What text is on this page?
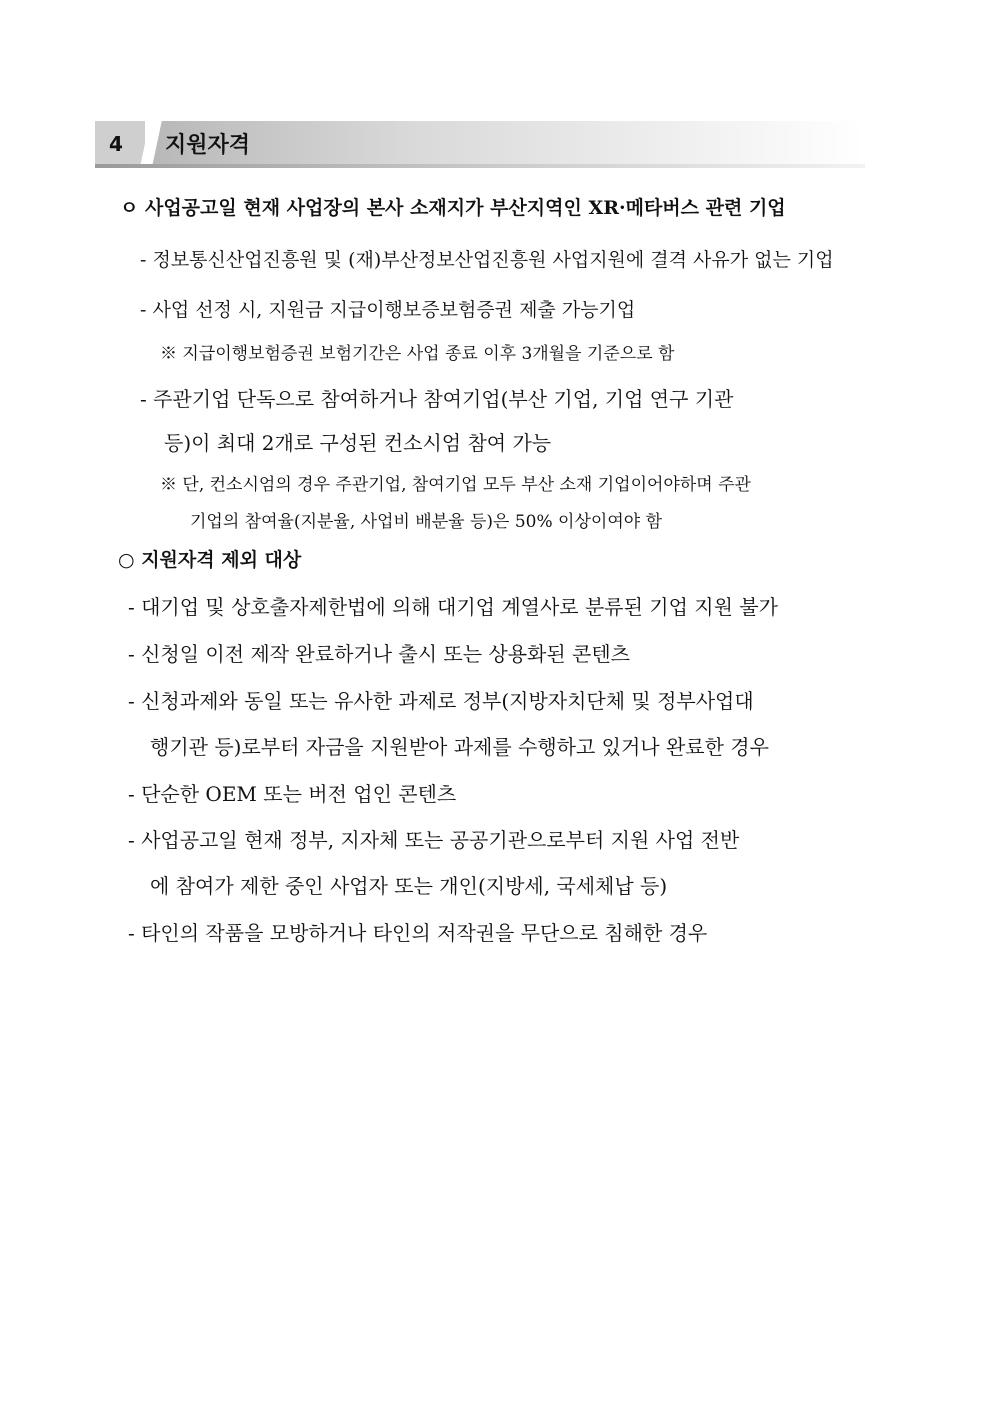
4	지원자격
ㅇ 사업공고일 현재 사업장의 본사 소재지가 부산지역인 XR·메타버스 관련 기업
- 정보통신산업진흥원 및 (재)부산정보산업진흥원 사업지원에 결격 사유가 없는 기업
- 사업 선정 시, 지원금 지급이행보증보험증권 제출 가능기업
※ 지급이행보험증권 보험기간은 사업 종료 이후 3개월을 기준으로 함
- 주관기업 단독으로 참여하거나 참여기업(부산 기업, 기업 연구 기관
등)이 최대 2개로 구성된 컨소시엄 참여 가능
※ 단, 컨소시엄의 경우 주관기업, 참여기업 모두 부산 소재 기업이어야하며 주관
기업의 참여율(지분율, 사업비 배분율 등)은 50% 이상이여야 함
○ 지원자격 제외 대상
- 대기업 및 상호출자제한법에 의해 대기업 계열사로 분류된 기업 지원 불가
- 신청일 이전 제작 완료하거나 출시 또는 상용화된 콘텐츠
- 신청과제와 동일 또는 유사한 과제로 정부(지방자치단체 및 정부사업대
행기관 등)로부터 자금을 지원받아 과제를 수행하고 있거나 완료한 경우
- 단순한 OEM 또는 버전 업인 콘텐츠
- 사업공고일 현재 정부, 지자체 또는 공공기관으로부터 지원 사업 전반
에 참여가 제한 중인 사업자 또는 개인(지방세, 국세체납 등)
- 타인의 작품을 모방하거나 타인의 저작권을 무단으로 침해한 경우
